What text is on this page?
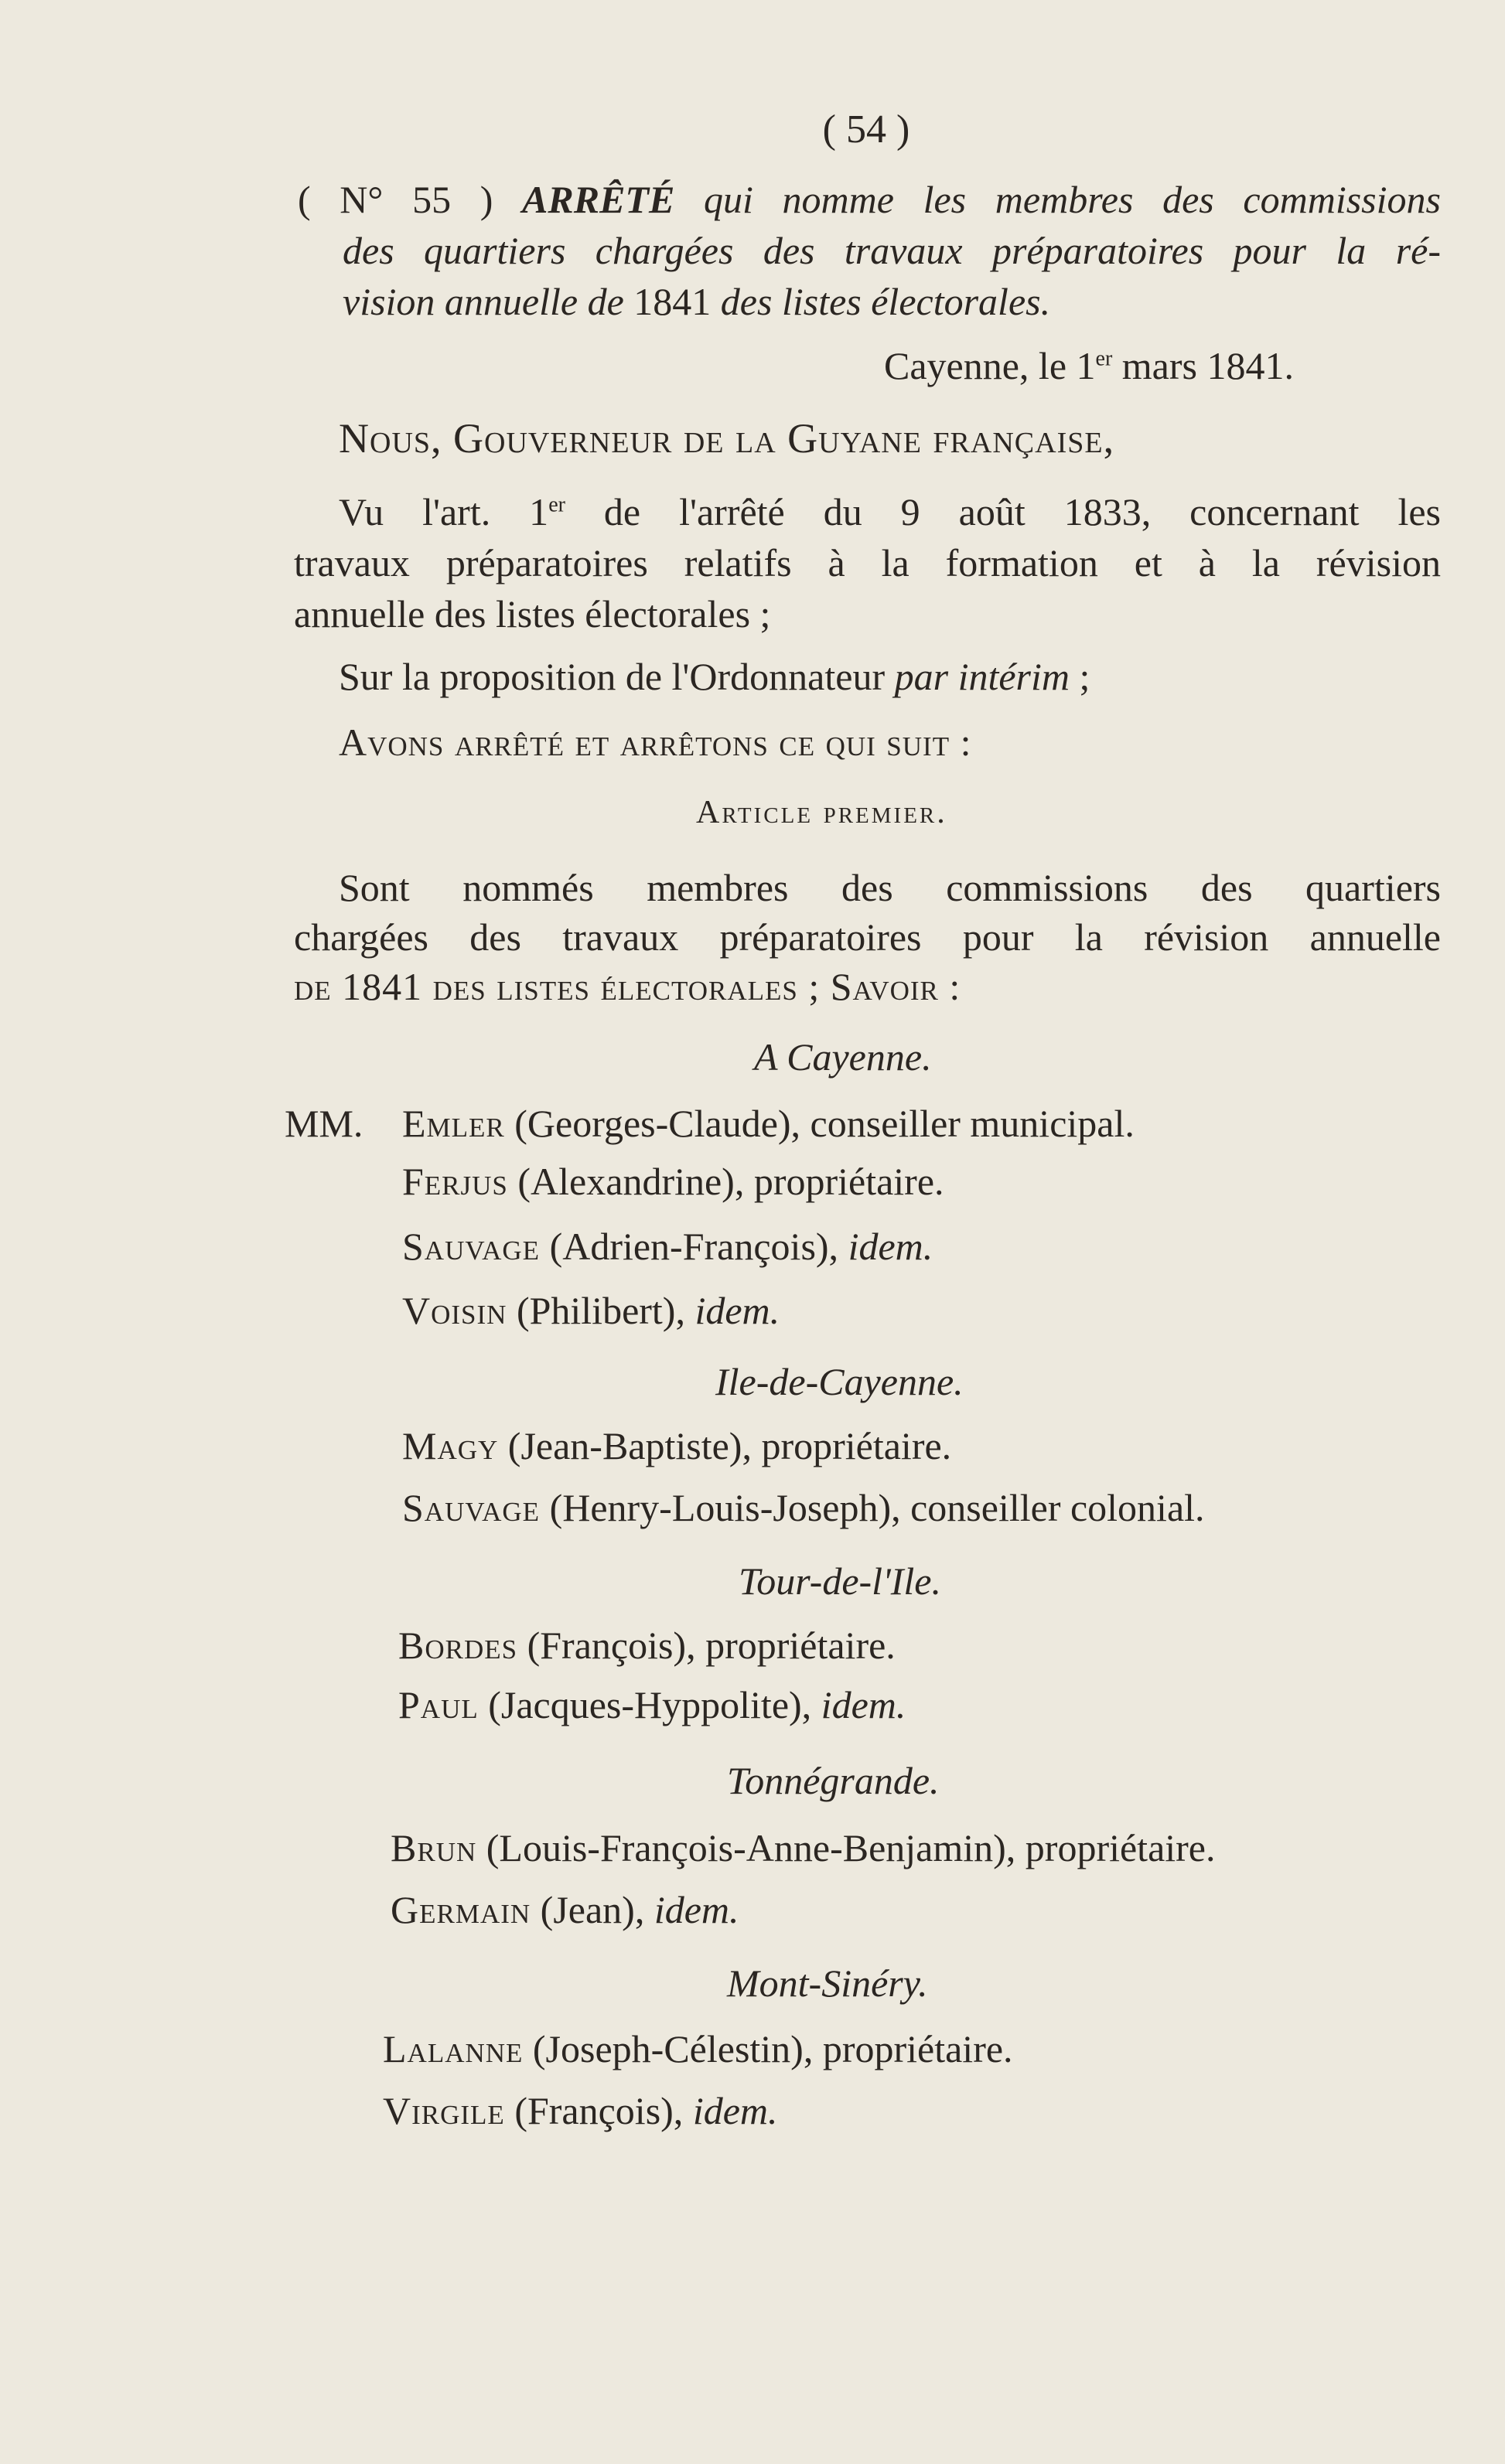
( 54 )
( N° 55 ) ARRÊTÉ qui nomme les membres des commissions
des quartiers chargées des travaux préparatoires pour la ré-
vision annuelle de 1841 des listes électorales.
Cayenne, le 1er mars 1841.
Nous, Gouverneur de la Guyane française,
Vu l'art. 1er de l'arrêté du 9 août 1833, concernant les
travaux préparatoires relatifs à la formation et à la révision
annuelle des listes électorales ;
Sur la proposition de l'Ordonnateur par intérim ;
Avons arrêté et arrêtons ce qui suit :
Article premier.
Sont nommés membres des commissions des quartiers
chargées des travaux préparatoires pour la révision annuelle
de 1841 des listes électorales ; Savoir :
A Cayenne.
MM. Emler (Georges-Claude), conseiller municipal.
Ferjus (Alexandrine), propriétaire.
Sauvage (Adrien-François), idem.
Voisin (Philibert), idem.
Ile-de-Cayenne.
Magy (Jean-Baptiste), propriétaire.
Sauvage (Henry-Louis-Joseph), conseiller colonial.
Tour-de-l'Ile.
Bordes (François), propriétaire.
Paul (Jacques-Hyppolite), idem.
Tonnégrande.
Brun (Louis-François-Anne-Benjamin), propriétaire.
Germain (Jean), idem.
Mont-Sinéry.
Lalanne (Joseph-Célestin), propriétaire.
Virgile (François), idem.
